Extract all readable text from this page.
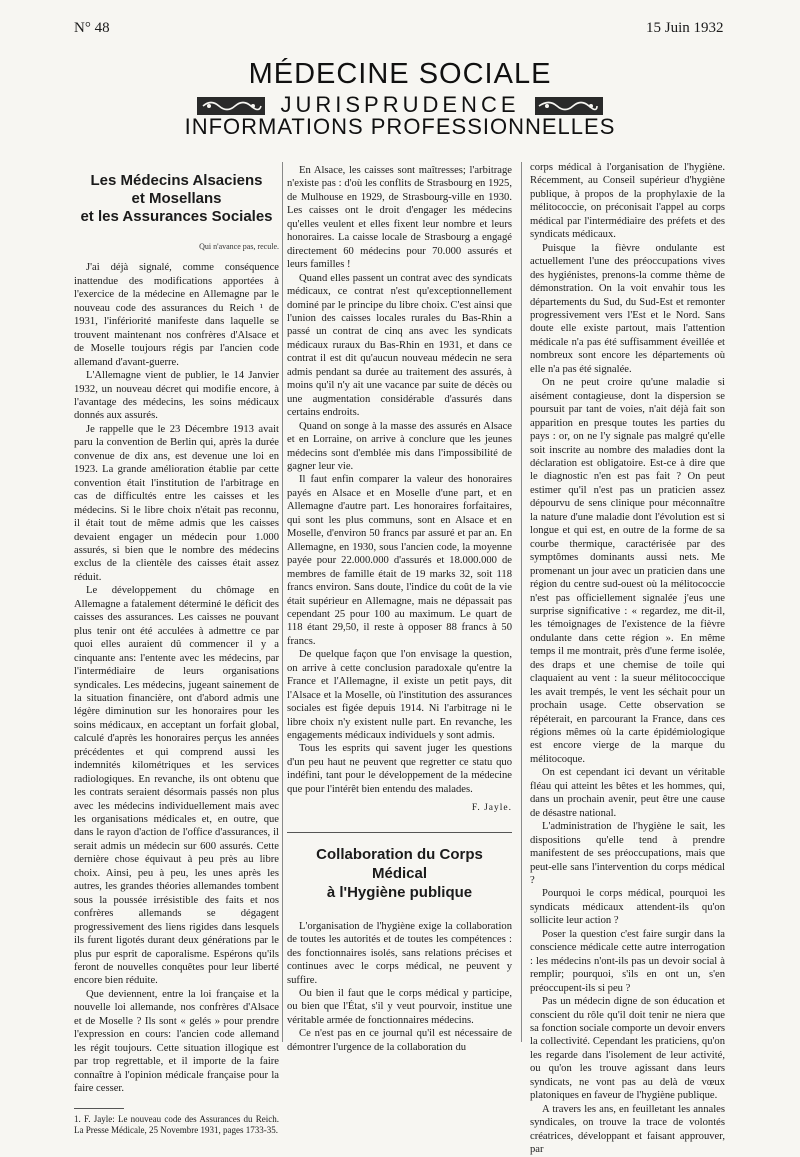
N° 48	15 Juin 1932
MÉDECINE SOCIALE
JURISPRUDENCE
INFORMATIONS PROFESSIONNELLES
Les Médecins Alsaciens
et Mosellans
et les Assurances Sociales
Qui n'avance pas, recule.

J'ai déjà signalé, comme conséquence inattendue des modifications apportées à l'exercice de la médecine en Allemagne par le nouveau code des assurances du Reich ¹ de 1931, l'infériorité manifeste dans laquelle se trouvent maintenant nos confrères d'Alsace et de Moselle toujours régis par l'ancien code allemand d'avant-guerre.

L'Allemagne vient de publier, le 14 Janvier 1932, un nouveau décret qui modifie encore, à l'avantage des médecins, les soins médicaux donnés aux assurés.

Je rappelle que le 23 Décembre 1913 avait paru la convention de Berlin qui, après la durée convenue de dix ans, est devenue une loi en 1923. La grande amélioration établie par cette convention était l'institution de l'arbitrage en cas de difficultés entre les caisses et les médecins. Si le libre choix n'était pas reconnu, il était tout de même admis que les caisses devaient engager un médecin pour 1.000 assurés, si bien que le nombre des médecins exclus de la clientèle des caisses était assez réduit.

Le développement du chômage en Allemagne a fatalement déterminé le déficit des caisses des assurances. Les caisses ne pouvant plus tenir ont été acculées à admettre ce par quoi elles auraient dû commencer il y a cinquante ans: l'entente avec les médecins, par l'intermédiaire de leurs organisations syndicales. Les médecins, jugeant sainement de la situation financière, ont d'abord admis une légère diminution sur les honoraires pour les soins médicaux, en acceptant un forfait global, calculé d'après les honoraires perçus les années précédentes et qui comprend aussi les indemnités kilométriques et les services radiologiques. En revanche, ils ont obtenu que les contrats seraient désormais passés non plus avec les médecins individuellement mais avec les organisations médicales et, en outre, que dans le rayon d'action de l'office d'assurances, il serait admis un médecin sur 600 assurés. Cette dernière chose équivaut à peu près au libre choix. Ainsi, peu à peu, les unes après les autres, les grandes théories allemandes tombent sous la poussée irrésistible des faits et nos confrères allemands se dégagent progressivement des liens rigides dans lesquels ils furent ligotés durant deux générations par le plus pur esprit de caporalisme. Espérons qu'ils feront de nouvelles conquêtes pour leur liberté encore bien réduite.

Que deviennent, entre la loi française et la nouvelle loi allemande, nos confrères d'Alsace et de Moselle ? Ils sont « gelés » pour prendre l'expression en cours: l'ancien code allemand les régit toujours. Cette situation illogique est par trop regrettable, et il importe de la faire connaître à l'opinion médicale française pour la faire cesser.

1. F. Jayle: Le nouveau code des Assurances du Reich. La Presse Médicale, 25 Novembre 1931, pages 1733-35.

En Alsace, les caisses sont maîtresses; l'arbitrage n'existe pas : d'où les conflits de Strasbourg en 1925, de Mulhouse en 1929, de Strasbourg-ville en 1930. Les caisses ont le droit d'engager les médecins qu'elles veulent et elles fixent leur nombre et leurs honoraires. La caisse locale de Strasbourg a engagé directement 60 médecins pour 70.000 assurés et leurs familles !

Quand elles passent un contrat avec des syndicats médicaux, ce contrat n'est qu'exceptionnellement dominé par le principe du libre choix. C'est ainsi que l'union des caisses locales rurales du Bas-Rhin a passé un contrat de cinq ans avec les syndicats médicaux ruraux du Bas-Rhin en 1931, et dans ce contrat il est dit qu'aucun nouveau médecin ne sera admis pendant sa durée au traitement des assurés, à moins qu'il n'y ait une vacance par suite de décès ou une augmentation considérable d'assurés dans certains endroits.

Quand on songe à la masse des assurés en Alsace et en Lorraine, on arrive à conclure que les jeunes médecins sont d'emblée mis dans l'impossibilité de gagner leur vie.

Il faut enfin comparer la valeur des honoraires payés en Alsace et en Moselle d'une part, et en Allemagne d'autre part. Les honoraires forfaitaires, qui sont les plus communs, sont en Alsace et en Moselle, d'environ 50 francs par assuré et par an. En Allemagne, en 1930, sous l'ancien code, la moyenne payée pour 22.000.000 d'assurés et 18.000.000 de membres de famille était de 19 marks 32, soit 118 francs environ. Sans doute, l'indice du coût de la vie était supérieur en Allemagne, mais ne dépassait pas cependant 25 pour 100 au maximum. Le quart de 118 étant 29,50, il reste à opposer 88 francs à 50 francs.

De quelque façon que l'on envisage la question, on arrive à cette conclusion paradoxale qu'entre la France et l'Allemagne, il existe un petit pays, dit l'Alsace et la Moselle, où l'institution des assurances sociales est figée depuis 1914. Ni l'arbitrage ni le libre choix n'y existent nulle part. En revanche, les engagements médicaux individuels y sont admis.

Tous les esprits qui savent juger les questions d'un peu haut ne peuvent que regretter ce statu quo indéfini, tant pour le développement de la médecine que pour l'intérêt bien entendu des malades.

F. Jayle.
Collaboration du Corps Médical
à l'Hygiène publique

L'organisation de l'hygiène exige la collaboration de toutes les autorités et de toutes les compétences : des fonctionnaires isolés, sans relations précises et continues avec le corps médical, ne peuvent y suffire.

Ou bien il faut que le corps médical y participe, ou bien que l'État, s'il y veut pourvoir, institue une véritable armée de fonctionnaires médecins.

Ce n'est pas en ce journal qu'il est nécessaire de démontrer l'urgence de la collaboration du

corps médical à l'organisation de l'hygiène. Récemment, au Conseil supérieur d'hygiène publique, à propos de la prophylaxie de la mélitococcie, on préconisait l'appel au corps médical par l'intermédiaire des préfets et des syndicats médicaux.

Puisque la fièvre ondulante est actuellement l'une des préoccupations vives des hygiénistes, prenons-la comme thème de démonstration. On la voit envahir tous les départements du Sud, du Sud-Est et remonter progressivement vers l'Est et le Nord. Sans doute elle existe partout, mais l'attention médicale n'a pas été suffisamment éveillée et nombreux sont encore les départements où elle n'a pas été signalée.

On ne peut croire qu'une maladie si aisément contagieuse, dont la dispersion se poursuit par tant de voies, n'ait déjà fait son apparition en presque toutes les parties du pays : or, on ne l'y signale pas malgré qu'elle soit inscrite au nombre des maladies dont la déclaration est obligatoire. Est-ce à dire que le diagnostic n'en est pas fait ? On peut estimer qu'il n'est pas un praticien assez dépourvu de sens clinique pour méconnaître la nature d'une maladie dont l'évolution est si longue et qui est, en outre de la forme de sa courbe thermique, caractérisée par des symptômes dominants aussi nets. Me promenant un jour avec un praticien dans une région du centre sud-ouest où la mélitococcie n'est pas officiellement signalée j'eus une surprise significative : « regardez, me dit-il, les témoignages de l'existence de la fièvre ondulante dans cette région ». En même temps il me montrait, près d'une ferme isolée, des draps et une chemise de toile qui claquaient au vent : la sueur mélitococcique les avait trempés, le vent les séchait pour un prochain usage. Cette observation se répéterait, en parcourant la France, dans ces régions mêmes où la carte épidémiologique est encore vierge de la marque du mélitocoque.

On est cependant ici devant un véritable fléau qui atteint les bêtes et les hommes, qui, dans un prochain avenir, peut être une cause de désastre national.

L'administration de l'hygiène le sait, les dispositions qu'elle tend à prendre manifestent de ses préoccupations, mais que peut-elle sans l'intervention du corps médical ?

Pourquoi le corps médical, pourquoi les syndicats médicaux attendent-ils qu'on sollicite leur action ?

Poser la question c'est faire surgir dans la conscience médicale cette autre interrogation : les médecins n'ont-ils pas un devoir social à remplir; pourquoi, s'ils en ont un, s'en préoccupent-ils si peu ?

Pas un médecin digne de son éducation et conscient du rôle qu'il doit tenir ne niera que sa fonction sociale comporte un devoir envers la collectivité. Cependant les praticiens, qu'on les regarde dans l'isolement de leur activité, ou qu'on les trouve agissant dans leurs syndicats, ne vont pas au delà de vœux platoniques en faveur de l'hygiène publique.

A travers les ans, en feuilletant les annales syndicales, on trouve la trace de volontés créatrices, développant et faisant approuver, par
